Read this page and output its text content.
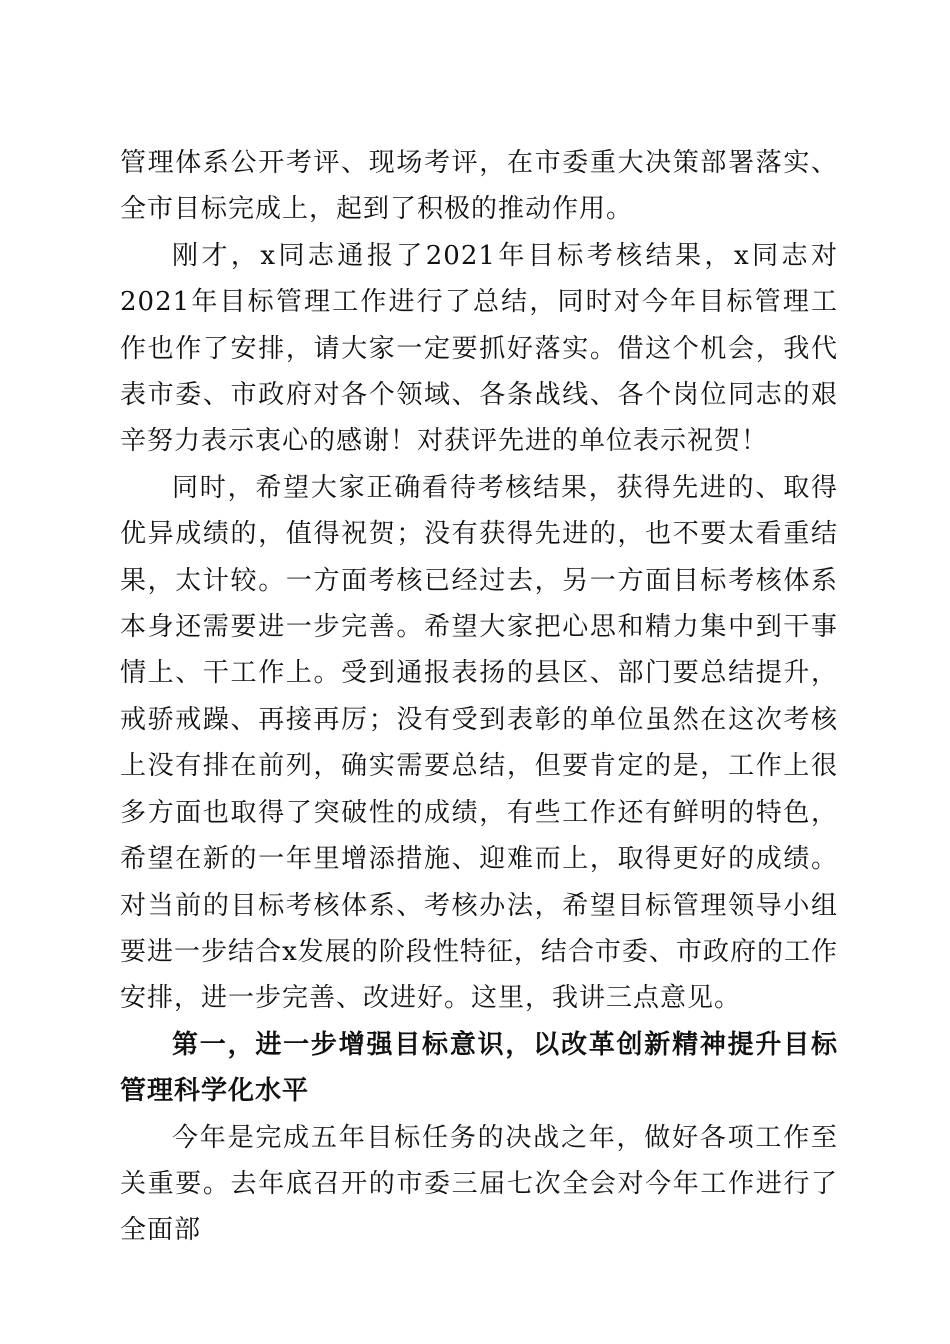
管理体系公开考评、现场考评，在市委重大决策部署落实、全市目标完成上，起到了积极的推动作用。

刚才，x同志通报了2021年目标考核结果，x同志对2021年目标管理工作进行了总结，同时对今年目标管理工作也作了安排，请大家一定要抓好落实。借这个机会，我代表市委、市政府对各个领域、各条战线、各个岗位同志的艰辛努力表示衷心的感谢！对获评先进的单位表示祝贺！

同时，希望大家正确看待考核结果，获得先进的、取得优异成绩的，值得祝贺；没有获得先进的，也不要太看重结果，太计较。一方面考核已经过去，另一方面目标考核体系本身还需要进一步完善。希望大家把心思和精力集中到干事情上、干工作上。受到通报表扬的县区、部门要总结提升，戒骄戒躁、再接再厉；没有受到表彰的单位虽然在这次考核上没有排在前列，确实需要总结，但要肯定的是，工作上很多方面也取得了突破性的成绩，有些工作还有鲜明的特色，希望在新的一年里增添措施、迎难而上，取得更好的成绩。对当前的目标考核体系、考核办法，希望目标管理领导小组要进一步结合x发展的阶段性特征，结合市委、市政府的工作安排，进一步完善、改进好。这里，我讲三点意见。

第一，进一步增强目标意识，以改革创新精神提升目标管理科学化水平

今年是完成五年目标任务的决战之年，做好各项工作至关重要。去年底召开的市委三届七次全会对今年工作进行了全面部
